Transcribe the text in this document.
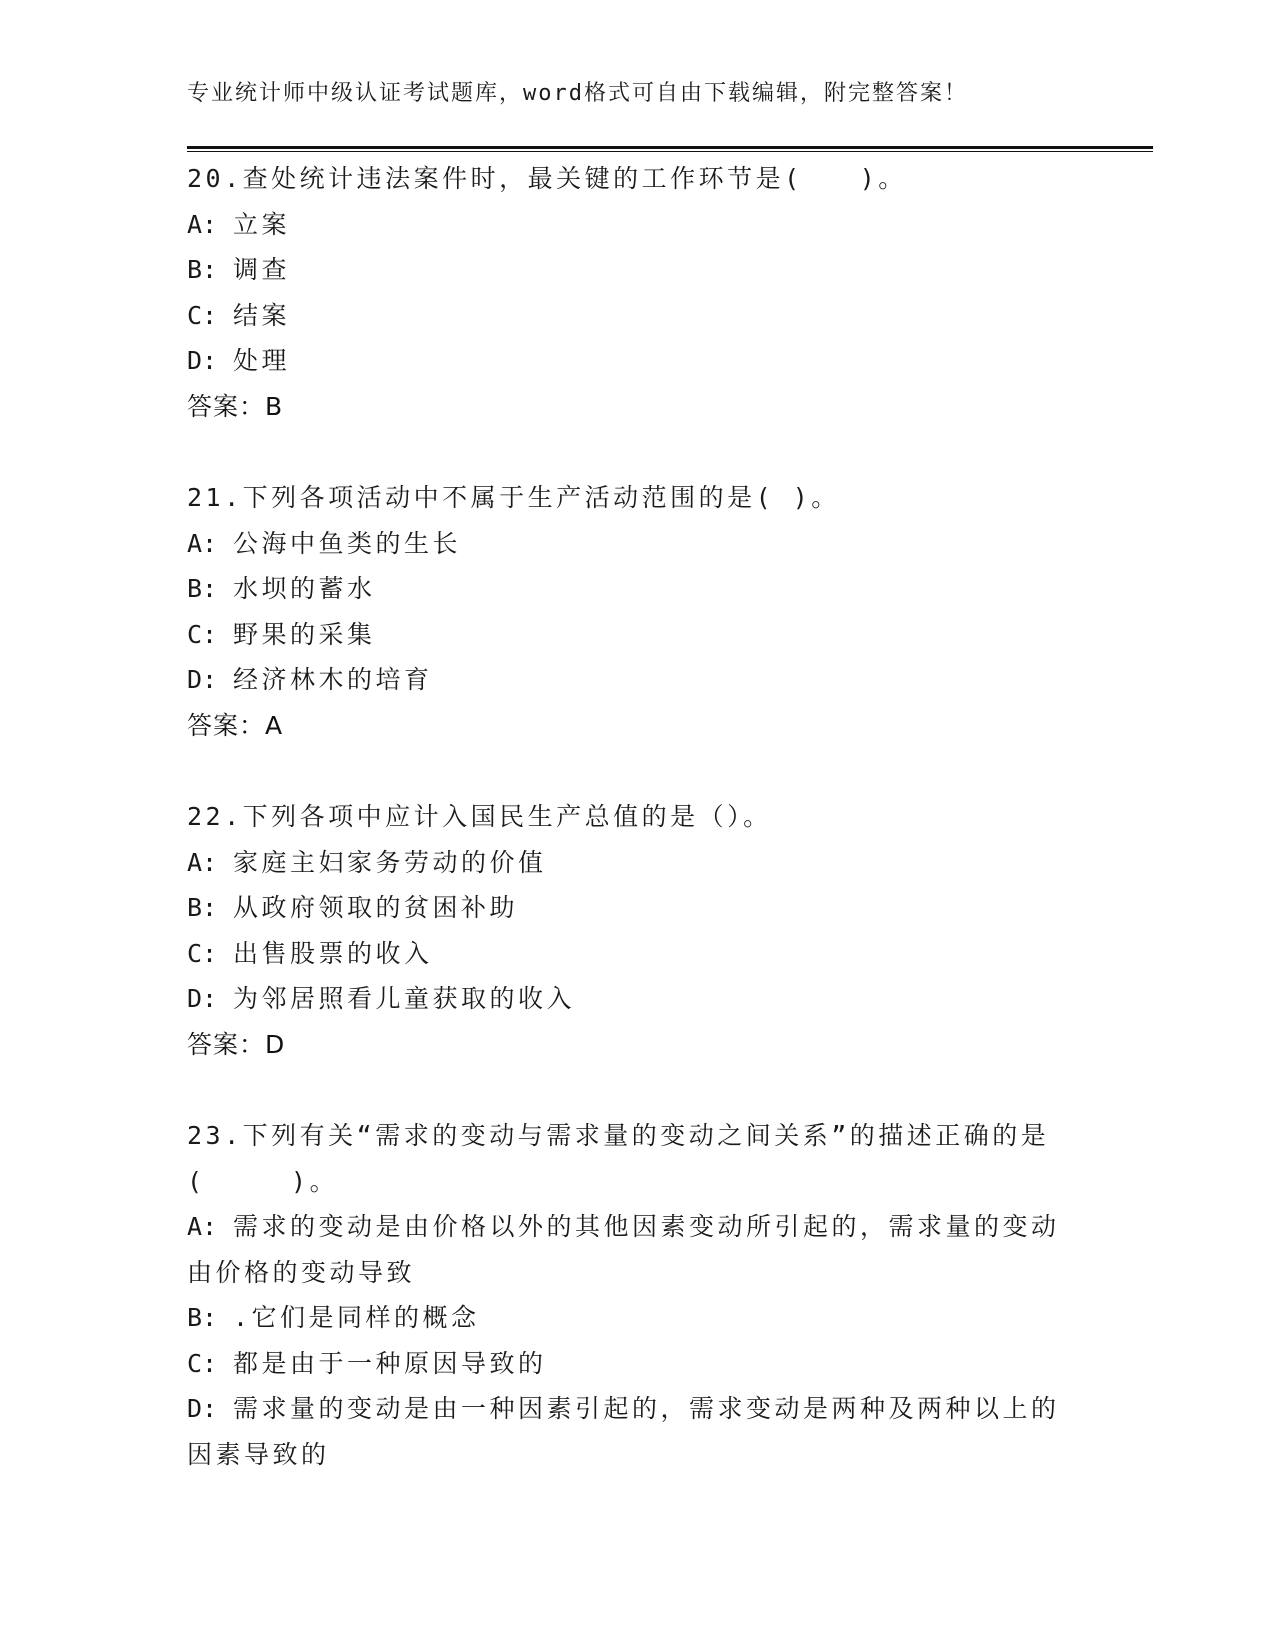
专业统计师中级认证考试题库，word格式可自由下载编辑，附完整答案！
20.查处统计违法案件时，最关键的工作环节是(　　)。
A: 立案
B: 调查
C: 结案
D: 处理
答案：B
21.下列各项活动中不属于生产活动范围的是( )。
A: 公海中鱼类的生长
B: 水坝的蓄水
C: 野果的采集
D: 经济林木的培育
答案：A
22.下列各项中应计入国民生产总值的是（）。
A: 家庭主妇家务劳动的价值
B: 从政府领取的贫困补助
C: 出售股票的收入
D: 为邻居照看儿童获取的收入
答案：D
23.下列有关“需求的变动与需求量的变动之间关系”的描述正确的是
(　　　)。
A: 需求的变动是由价格以外的其他因素变动所引起的，需求量的变动
由价格的变动导致
B: .它们是同样的概念
C: 都是由于一种原因导致的
D: 需求量的变动是由一种因素引起的，需求变动是两种及两种以上的
因素导致的
